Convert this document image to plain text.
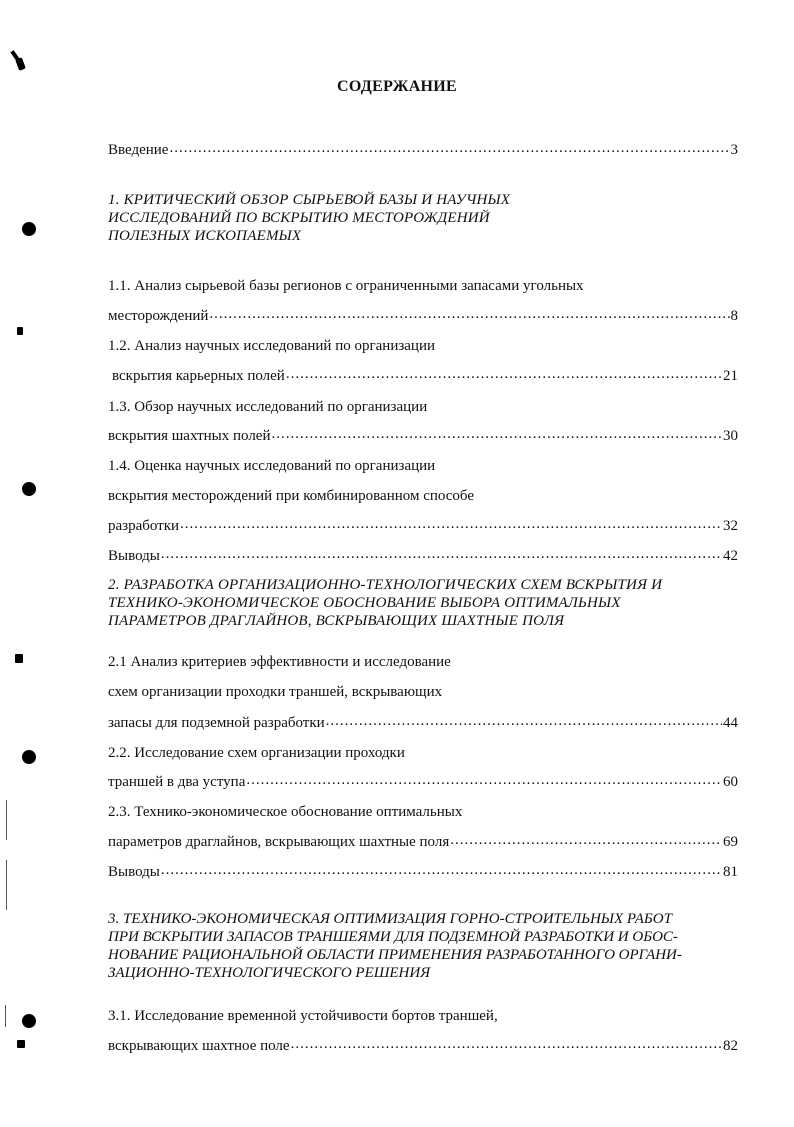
СОДЕРЖАНИЕ
Введение .....	3
1. КРИТИЧЕСКИЙ ОБЗОР СЫРЬЕВОЙ БАЗЫ И НАУЧНЫХ
ИССЛЕДОВАНИЙ ПО ВСКРЫТИЮ МЕСТОРОЖДЕНИЙ
ПОЛЕЗНЫХ ИСКОПАЕМЫХ
1.1. Анализ сырьевой базы регионов с ограниченными запасами угольных
месторождений .....	8
1.2. Анализ научных исследований по организации
вскрытия карьерных полей .....	21
1.3. Обзор научных исследований по организации
вскрытия шахтных полей .....	30
1.4. Оценка научных исследований по организации
вскрытия месторождений при комбинированном способе
разработки .....	32
Выводы .....	42
2. РАЗРАБОТКА ОРГАНИЗАЦИОННО-ТЕХНОЛОГИЧЕСКИХ СХЕМ ВСКРЫТИЯ И
ТЕХНИКО-ЭКОНОМИЧЕСКОЕ ОБОСНОВАНИЕ ВЫБОРА ОПТИМАЛЬНЫХ
ПАРАМЕТРОВ ДРАГЛАЙНОВ, ВСКРЫВАЮЩИХ ШАХТНЫЕ ПОЛЯ
2.1 Анализ критериев эффективности и исследование
схем организации проходки траншей, вскрывающих
запасы для подземной разработки .....	44
2.2. Исследование схем организации проходки
траншей в два уступа .....	60
2.3. Технико-экономическое обоснование оптимальных
параметров драглайнов, вскрывающих шахтные поля .....	69
Выводы .....	81
3. ТЕХНИКО-ЭКОНОМИЧЕСКАЯ ОПТИМИЗАЦИЯ ГОРНО-СТРОИТЕЛЬНЫХ РАБОТ
ПРИ ВСКРЫТИИ ЗАПАСОВ ТРАНШЕЯМИ ДЛЯ ПОДЗЕМНОЙ РАЗРАБОТКИ И ОБОС-
НОВАНИЕ РАЦИОНАЛЬНОЙ ОБЛАСТИ ПРИМЕНЕНИЯ РАЗРАБОТАННОГО ОРГАНИ-
ЗАЦИОННО-ТЕХНОЛОГИЧЕСКОГО РЕШЕНИЯ
3.1. Исследование временной устойчивости бортов траншей,
вскрывающих шахтное поле .....	82
